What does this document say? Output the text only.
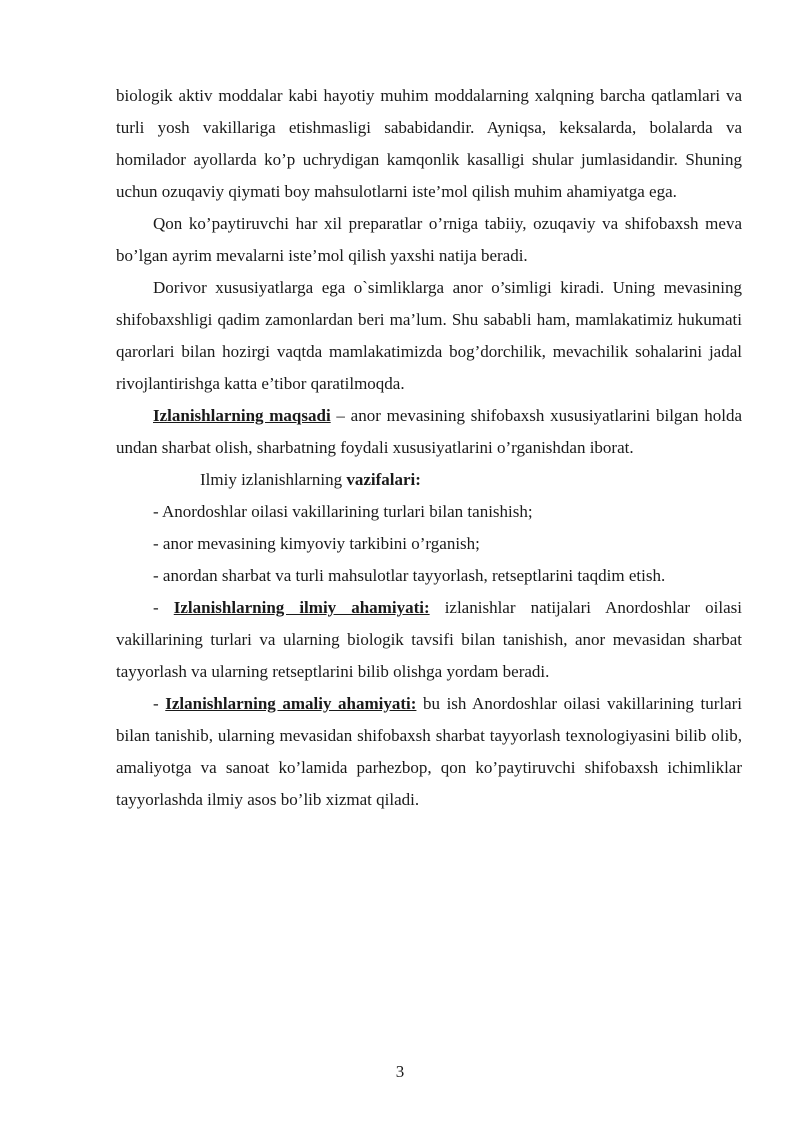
biologik aktiv moddalar kabi hayotiy muhim moddalarning xalqning barcha qatlamlari va turli yosh vakillariga etishmasligi sababidandir. Ayniqsa, keksalarda, bolalarda va homilador ayollarda ko’p uchrydigan kamqonlik kasalligi shular jumlasidandir. Shuning uchun ozuqaviy qiymati boy mahsulotlarni iste’mol qilish muhim ahamiyatga ega.

Qon ko’paytiruvchi har xil preparatlar o’rniga tabiiy, ozuqaviy va shifobaxsh meva bo’lgan ayrim mevalarni iste’mol qilish yaxshi natija beradi.

Dorivor xususiyatlarga ega o`simliklarga anor o’simligi kiradi. Uning mevasining shifobaxshligi qadim zamonlardan beri ma’lum. Shu sababli ham, mamlakatimiz hukumati qarorlari bilan hozirgi vaqtda mamlakatimizda bog’dorchilik, mevachilik sohalarini jadal rivojlantirishga katta e’tibor qaratilmoqda.

Izlanishlarning maqsadi – anor mevasining shifobaxsh xususiyatlarini bilgan holda undan sharbat olish, sharbatning foydali xususiyatlarini o’rganishdan iborat.

Ilmiy izlanishlarning vazifalari:

- Anordoshlar oilasi vakillarining turlari bilan tanishish;

- anor mevasining kimyoviy tarkibini o’rganish;

- anordan sharbat va turli mahsulotlar tayyorlash, retseptlarini taqdim etish.

- Izlanishlarning ilmiy ahamiyati: izlanishlar natijalari Anordoshlar oilasi vakillarining turlari va ularning biologik tavsifi bilan tanishish, anor mevasidan sharbat tayyorlash va ularning retseptlarini bilib olishga yordam beradi.

- Izlanishlarning amaliy ahamiyati: bu ish Anordoshlar oilasi vakillarining turlari bilan tanishib, ularning mevasidan shifobaxsh sharbat tayyorlash texnologiyasini bilib olib, amaliyotga va sanoat ko’lamida parhezbop, qon ko’paytiruvchi shifobaxsh ichimliklar tayyorlashda ilmiy asos bo’lib xizmat qiladi.

3
